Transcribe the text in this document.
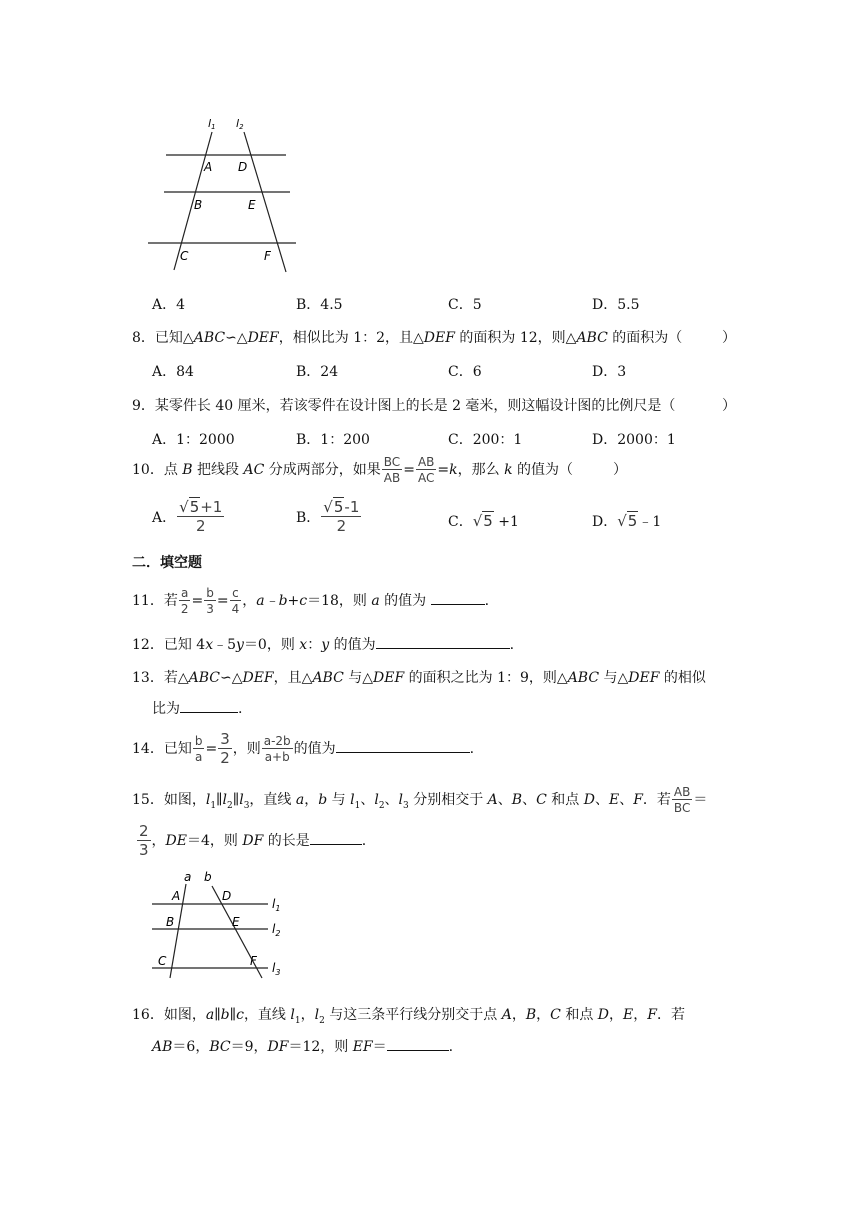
l1 l2
A D
B	E
C	F
A．4	B．4.5	C．5	D．5.5
8．已知△ABC∽△DEF，相似比为 1：2，且△DEF 的面积为 12，则△ABC 的面积为（	）
A．84	B．24	C．6	D．3
9．某零件长 40 厘米，若该零件在设计图上的长是 2 毫米，则这幅设计图的比例尺是（	）
A．1：2000	B．1：200	C．200：1	D．2000：1
10．点 B 把线段 AC 分成两部分，如果 $\frac{BC}{AB} = \frac{AB}{AC} =k$，那么 k 的值为（	）
A． $\frac{√5+1}{2}$	B． $\frac{√5-1}{2}$	C．√5 +1	D．√5﹣1
二．填空题
11．若 $\frac{a}{2} = \frac{b}{3} = \frac{c}{4}$ ，a﹣b+c＝18，则 a 的值为	.
12．已知 4x﹣5y＝0，则 x：y 的值为	.
13．若△ABC∽△DEF，且△ABC 与△DEF 的面积之比为 1：9，则△ABC 与△DEF 的相似
比为	.
14．已知 $\frac{b}{a} = \frac{3}{2}$ ，则 $\frac{a-2b}{a+b}$ 的值为	.
15．如图，$l_1\parallel l_2\parallel l_3$，直线 a，b 与 $l_1$、$l_2$、$l_3$ 分别相交于 A、B、C 和点 D、E、F．若 $\frac{AB}{BC}$ ＝
$\frac{2}{3}$ ，DE＝4，则 DF 的长是	.
a b
A	D
B	E
C	F
$l_1$
$l_2$
$l_3$
16．如图，a∥b∥c，直线 $l_1$，$l_2$ 与这三条平行线分别交于点 A，B，C 和点 D，E，F．若
AB＝6，BC＝9，DF＝12，则 EF＝	.
